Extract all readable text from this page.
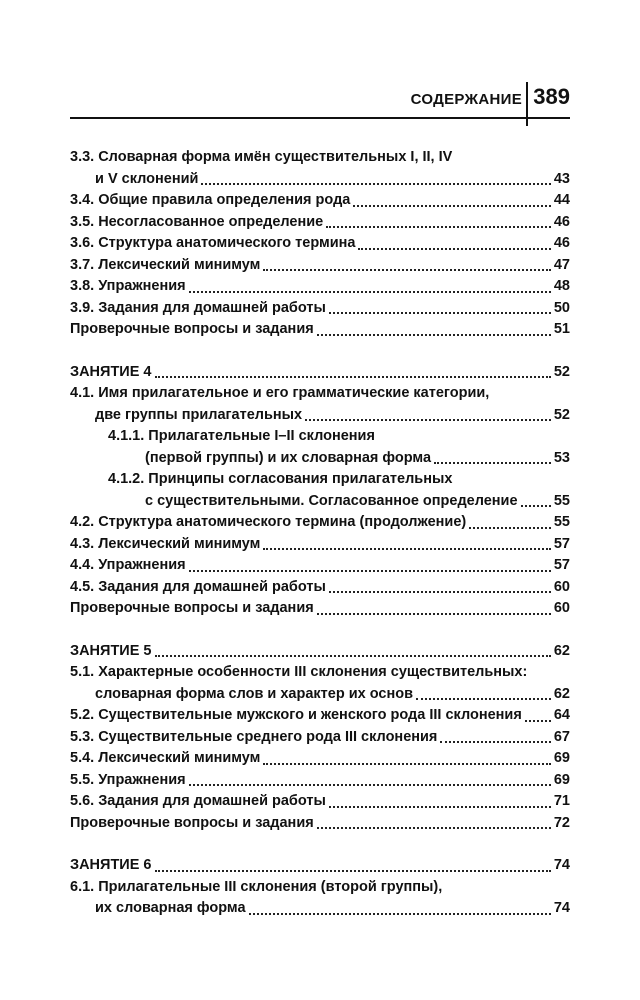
СОДЕРЖАНИЕ 389
3.3. Словарная форма имён существительных I, II, IV
и V склонений	43
3.4. Общие правила определения рода	44
3.5. Несогласованное определение	46
3.6. Структура анатомического термина	46
3.7. Лексический минимум	47
3.8. Упражнения	48
3.9. Задания для домашней работы	50
Проверочные вопросы и задания	51
ЗАНЯТИЕ 4	52
4.1. Имя прилагательное и его грамматические категории,
две группы прилагательных	52
4.1.1. Прилагательные I–II склонения
(первой группы) и их словарная форма	53
4.1.2. Принципы согласования прилагательных
с существительными. Согласованное определение	55
4.2. Структура анатомического термина (продолжение)	55
4.3. Лексический минимум	57
4.4. Упражнения	57
4.5. Задания для домашней работы	60
Проверочные вопросы и задания	60
ЗАНЯТИЕ 5	62
5.1. Характерные особенности III склонения существительных:
словарная форма слов и характер их основ	62
5.2. Существительные мужского и женского рода III склонения 64
5.3. Существительные среднего рода III склонения	67
5.4. Лексический минимум	69
5.5. Упражнения	69
5.6. Задания для домашней работы	71
Проверочные вопросы и задания	72
ЗАНЯТИЕ 6	74
6.1. Прилагательные III склонения (второй группы),
их словарная форма	74
